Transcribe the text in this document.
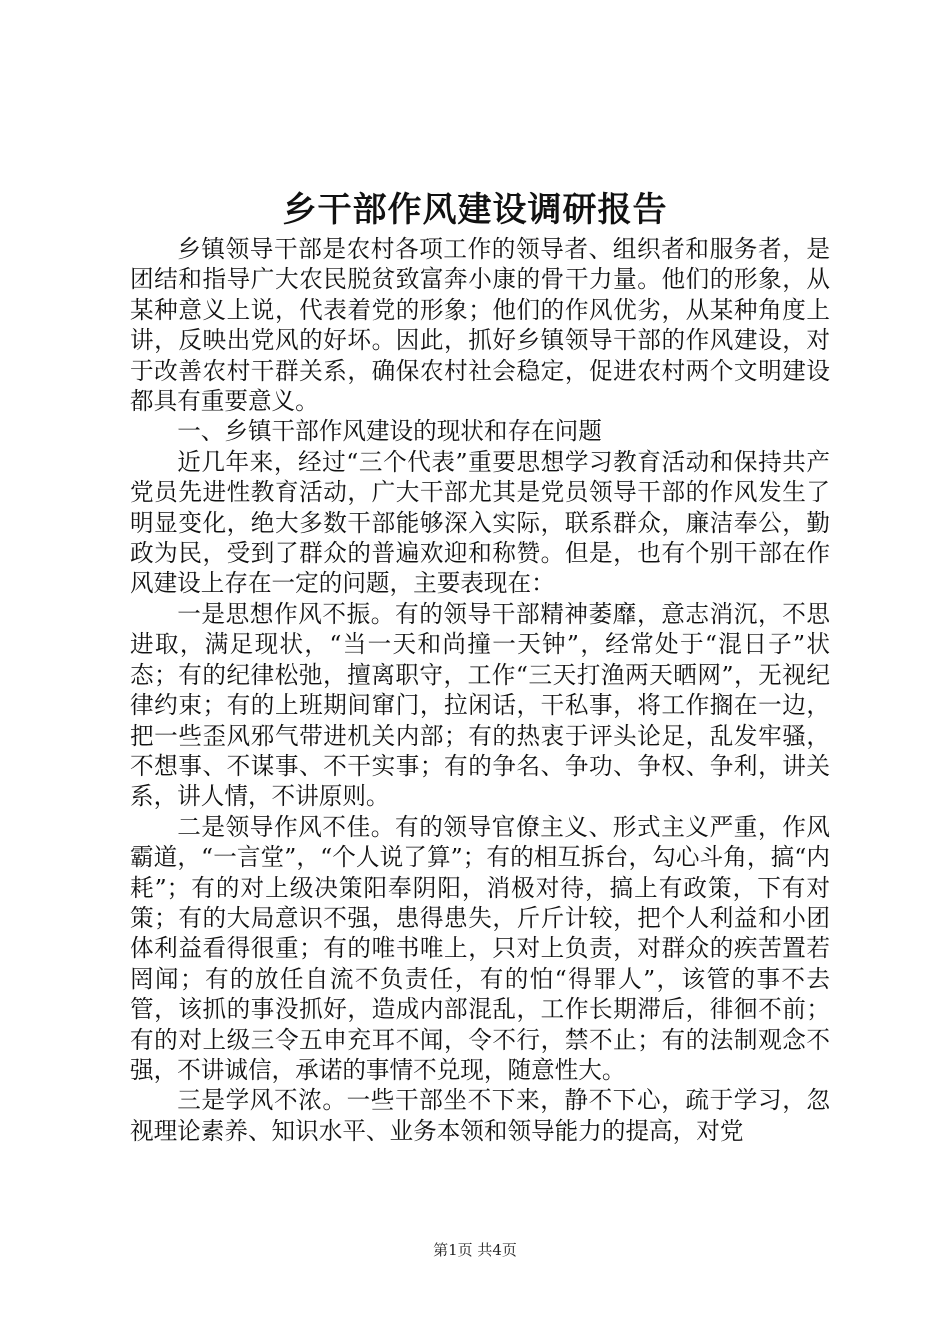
乡干部作风建设调研报告

乡镇领导干部是农村各项工作的领导者、组织者和服务者，是团结和指导广大农民脱贫致富奔小康的骨干力量。他们的形象，从某种意义上说，代表着党的形象；他们的作风优劣，从某种角度上讲，反映出党风的好坏。因此，抓好乡镇领导干部的作风建设，对于改善农村干群关系，确保农村社会稳定，促进农村两个文明建设都具有重要意义。

一、乡镇干部作风建设的现状和存在问题

近几年来，经过“三个代表”重要思想学习教育活动和保持共产党员先进性教育活动，广大干部尤其是党员领导干部的作风发生了明显变化，绝大多数干部能够深入实际，联系群众，廉洁奉公，勤政为民，受到了群众的普遍欢迎和称赞。但是，也有个别干部在作风建设上存在一定的问题，主要表现在：

一是思想作风不振。有的领导干部精神萎靡，意志消沉，不思进取，满足现状，“当一天和尚撞一天钟”，经常处于“混日子”状态；有的纪律松弛，擅离职守，工作“三天打渔两天晒网”，无视纪律约束；有的上班期间窜门，拉闲话，干私事，将工作搁在一边，把一些歪风邪气带进机关内部；有的热衷于评头论足，乱发牢骚，不想事、不谋事、不干实事；有的争名、争功、争权、争利，讲关系，讲人情，不讲原则。

二是领导作风不佳。有的领导官僚主义、形式主义严重，作风霸道，“一言堂”，“个人说了算”；有的相互拆台，勾心斗角，搞“内耗”；有的对上级决策阳奉阴阳，消极对待，搞上有政策，下有对策；有的大局意识不强，患得患失，斤斤计较，把个人利益和小团体利益看得很重；有的唯书唯上，只对上负责，对群众的疾苦置若罔闻；有的放任自流不负责任，有的怕“得罪人”，该管的事不去管，该抓的事没抓好，造成内部混乱，工作长期滞后，徘徊不前；有的对上级三令五申充耳不闻，令不行，禁不止；有的法制观念不强，不讲诚信，承诺的事情不兑现，随意性大。

三是学风不浓。一些干部坐不下来，静不下心，疏于学习，忽视理论素养、知识水平、业务本领和领导能力的提高，对党

第1页 共4页
